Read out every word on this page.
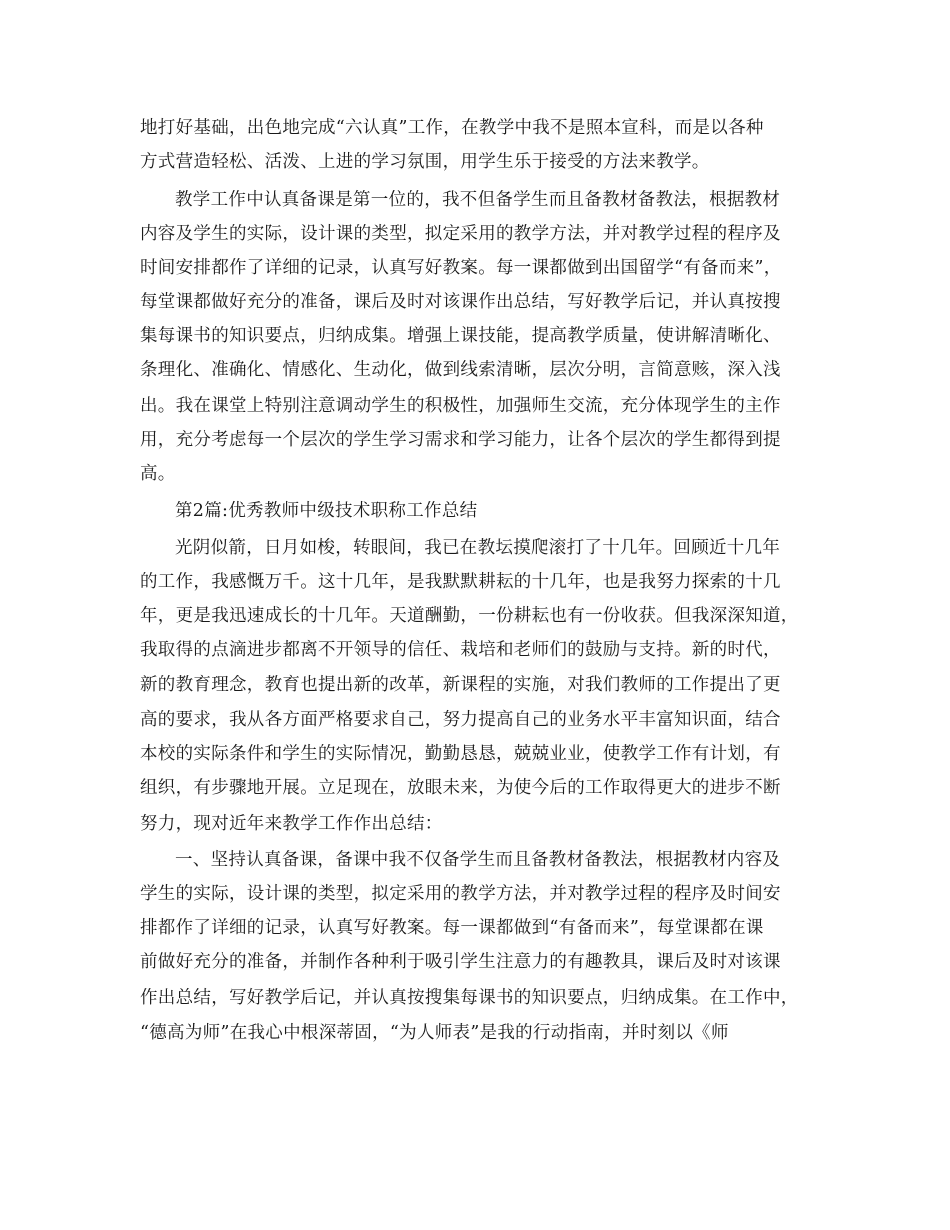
地打好基础，出色地完成“六认真”工作，在教学中我不是照本宣科，而是以各种
方式营造轻松、活泼、上进的学习氛围，用学生乐于接受的方法来教学。
教学工作中认真备课是第一位的，我不但备学生而且备教材备教法，根据教材
内容及学生的实际，设计课的类型，拟定采用的教学方法，并对教学过程的程序及
时间安排都作了详细的记录，认真写好教案。每一课都做到出国留学“有备而来”，
每堂课都做好充分的准备，课后及时对该课作出总结，写好教学后记，并认真按搜
集每课书的知识要点，归纳成集。增强上课技能，提高教学质量，使讲解清晰化、
条理化、准确化、情感化、生动化，做到线索清晰，层次分明，言简意赅，深入浅
出。我在课堂上特别注意调动学生的积极性，加强师生交流，充分体现学生的主作
用，充分考虑每一个层次的学生学习需求和学习能力，让各个层次的学生都得到提
高。
第2篇:优秀教师中级技术职称工作总结
光阴似箭，日月如梭，转眼间，我已在教坛摸爬滚打了十几年。回顾近十几年
的工作，我感慨万千。这十几年，是我默默耕耘的十几年，也是我努力探索的十几
年，更是我迅速成长的十几年。天道酬勤，一份耕耘也有一份收获。但我深深知道，
我取得的点滴进步都离不开领导的信任、栽培和老师们的鼓励与支持。新的时代，
新的教育理念，教育也提出新的改革，新课程的实施，对我们教师的工作提出了更
高的要求，我从各方面严格要求自己，努力提高自己的业务水平丰富知识面，结合
本校的实际条件和学生的实际情况，勤勤恳恳，兢兢业业，使教学工作有计划，有
组织，有步骤地开展。立足现在，放眼未来，为使今后的工作取得更大的进步不断
努力，现对近年来教学工作作出总结：
一、坚持认真备课，备课中我不仅备学生而且备教材备教法，根据教材内容及
学生的实际，设计课的类型，拟定采用的教学方法，并对教学过程的程序及时间安
排都作了详细的记录，认真写好教案。每一课都做到“有备而来”，每堂课都在课
前做好充分的准备，并制作各种利于吸引学生注意力的有趣教具，课后及时对该课
作出总结，写好教学后记，并认真按搜集每课书的知识要点，归纳成集。在工作中，
“德高为师”在我心中根深蒂固，“为人师表”是我的行动指南，并时刻以《师
